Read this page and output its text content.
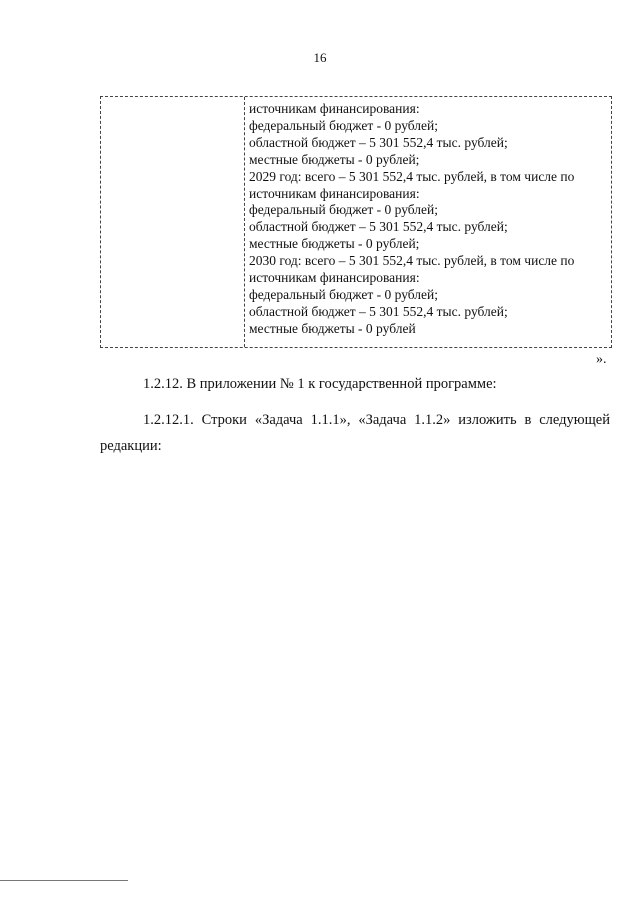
16
источникам финансирования:
федеральный бюджет - 0 рублей;
областной бюджет – 5 301 552,4 тыс. рублей;
местные бюджеты - 0 рублей;
2029 год: всего – 5 301 552,4 тыс. рублей, в том числе по
источникам финансирования:
федеральный бюджет - 0 рублей;
областной бюджет – 5 301 552,4 тыс. рублей;
местные бюджеты - 0 рублей;
2030 год: всего – 5 301 552,4 тыс. рублей, в том числе по
источникам финансирования:
федеральный бюджет - 0 рублей;
областной бюджет – 5 301 552,4 тыс. рублей;
местные бюджеты - 0 рублей
».
1.2.12. В приложении № 1 к государственной программе:
1.2.12.1. Строки «Задача 1.1.1», «Задача 1.1.2» изложить в следующей
редакции:
